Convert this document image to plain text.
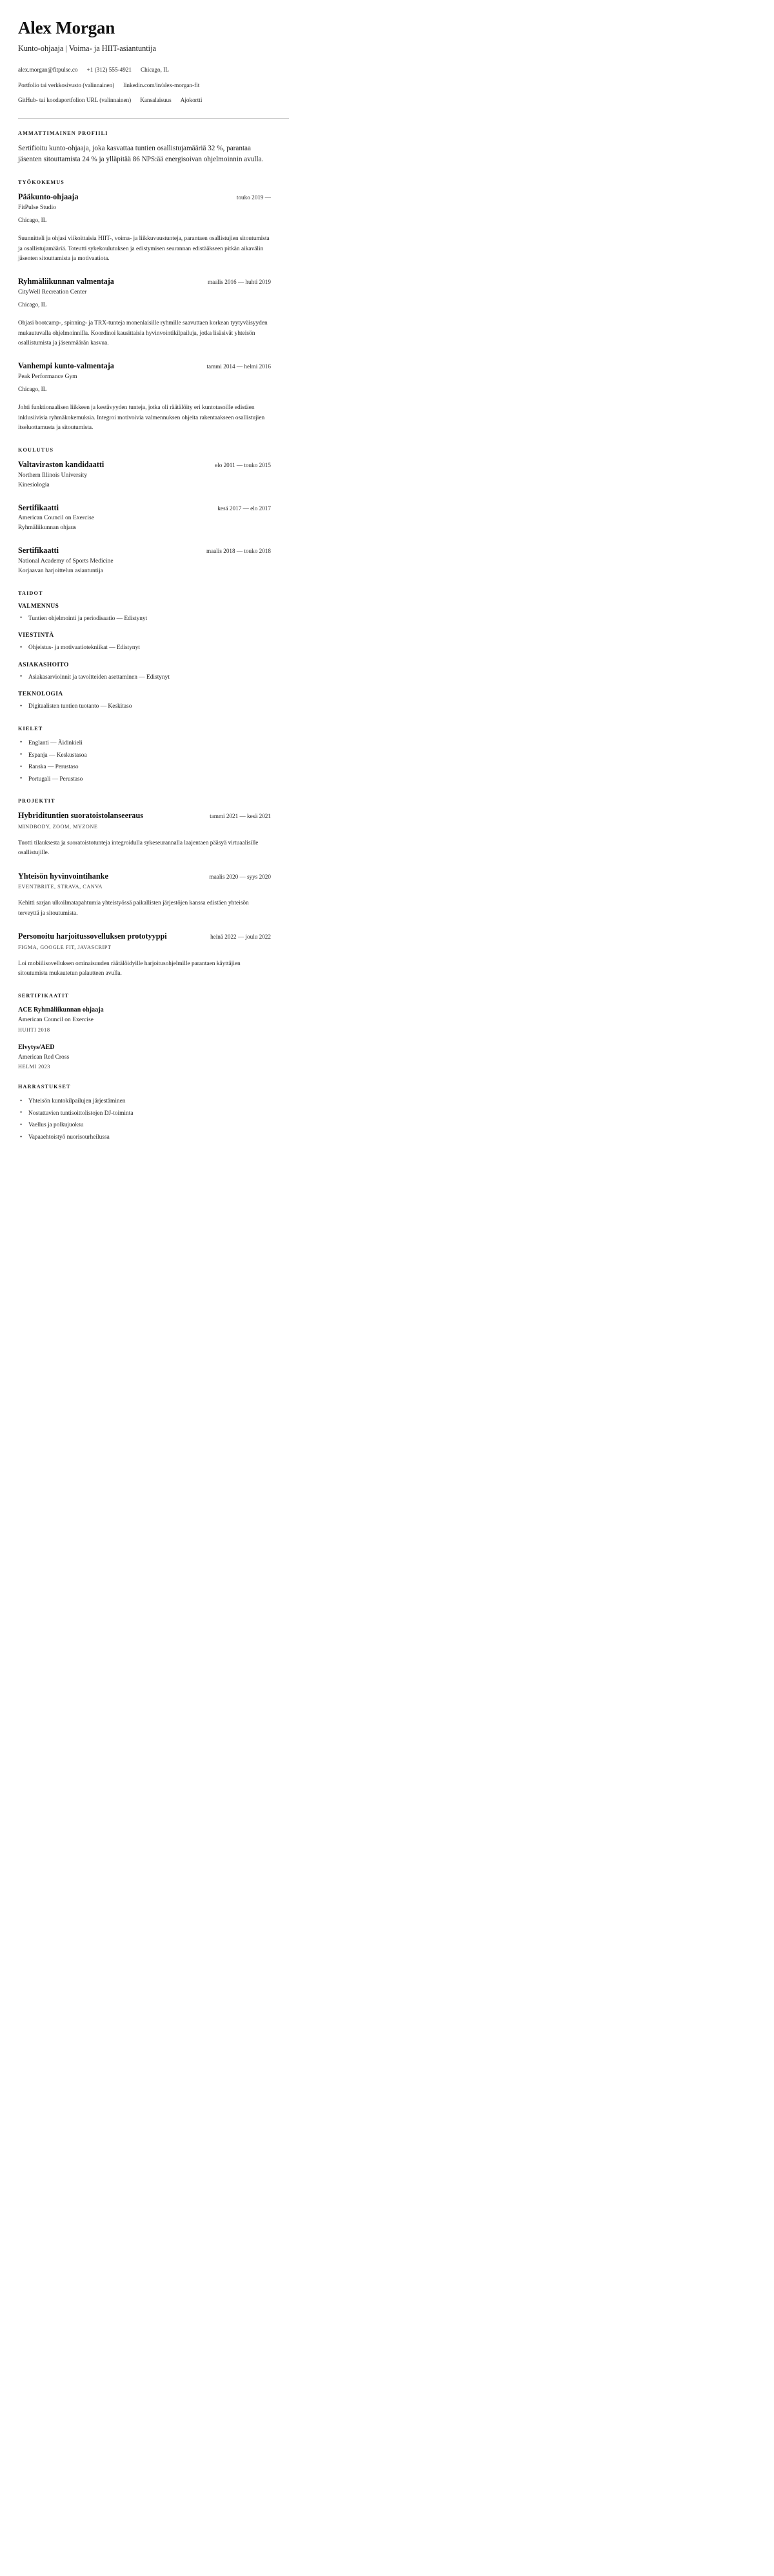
Alex Morgan
Kunto-ohjaaja | Voima- ja HIIT-asiantuntija
alex.morgan@fitpulse.co +1 (312) 555-4921 Chicago, IL
Portfolio tai verkkosivusto (valinnainen) linkedin.com/in/alex-morgan-fit
GitHub- tai koodaportfolion URL (valinnainen) Kansalaisuus Ajokortti
AMMATTIMAINEN PROFIILI

Sertifioitu kunto-ohjaaja, joka kasvattaa tuntien osallistujamääriä 32 %, parantaa jäsenten sitouttamista 24 % ja ylläpitää 86 NPS:ää energisoivan ohjelmoinnin avulla.

TYÖKOKEMUS
Pääkunto-ohjaaja	touko 2019 —
FitPulse Studio
Chicago, IL

Suunnitteli ja ohjasi viikoittaisia HIIT-, voima- ja liikkuvuustunteja, parantaen osallistujien sitoutumista ja osallistujamääriä. Toteutti sykekoulutuksen ja edistymisen seurannan edistääkseen pitkän aikavälin jäsenten sitouttamista ja motivaatiota.

Ryhmäliikunnan valmentaja	maalis 2016 — huhti 2019
CityWell Recreation Center
Chicago, IL

Ohjasi bootcamp-, spinning- ja TRX-tunteja monenlaisille ryhmille saavuttaen korkean tyytyväisyyden mukautuvalla ohjelmoinnilla. Koordinoi kausittaisia hyvinvointikilpailuja, jotka lisäsivät yhteisön osallistumista ja jäsenmäärän kasvua.

Vanhempi kunto-valmentaja	tammi 2014 — helmi 2016
Peak Performance Gym
Chicago, IL

Johti funktionaalisen liikkeen ja kestävyyden tunteja, jotka oli räätälöity eri kuntotasoille edistäen inklusiivisia ryhmäkokemuksia. Integroi motivoivia valmennuksen ohjeita rakentaakseen osallistujien itseluottamusta ja sitoutumista.

KOULUTUS
Valtaviraston kandidaatti	elo 2011 — touko 2015
Northern Illinois University
Kinesiologia
Sertifikaatti	kesä 2017 — elo 2017
American Council on Exercise
Ryhmäliikunnan ohjaus
Sertifikaatti	maalis 2018 — touko 2018
National Academy of Sports Medicine
Korjaavan harjoittelun asiantuntija
TAIDOT
VALMENNUS
• Tuntien ohjelmointi ja periodisaatio — Edistynyt
VIESTINTÄ
• Ohjeistus- ja motivaatiotekniikat — Edistynyt
ASIAKASHOITO
• Asiakasarvioinnit ja tavoitteiden asettaminen — Edistynyt
TEKNOLOGIA
• Digitaalisten tuntien tuotanto — Keskitaso
KIELET
• Englanti — Äidinkieli
• Espanja — Keskustasoa
• Ranska — Perustaso
• Portugali — Perustaso
PROJEKTIT
Hybridituntien suoratoistolanseeraus	tammi 2021 — kesä 2021
MINDBODY, ZOOM, MYZONE

Tuotti tilauksesta ja suoratoistotunteja integroidulla sykeseurannalla laajentaen pääsyä virtuaalisille osallistujille.

Yhteisön hyvinvointihanke	maalis 2020 — syys 2020
EVENTBRITE, STRAVA, CANVA

Kehitti sarjan ulkoilmatapahtumia yhteistyössä paikallisten järjestöjen kanssa edistäen yhteisön terveyttä ja sitoutumista.

Personoitu harjoitussovelluksen prototyyppi	heinä 2022 — joulu 2022
FIGMA, GOOGLE FIT, JAVASCRIPT

Loi mobiilisovelluksen ominaisuuden räätälöidyille harjoitusohjelmille parantaen käyttäjien sitoutumista mukautetun palautteen avulla.

SERTIFIKAATIT
ACE Ryhmäliikunnan ohjaaja
American Council on Exercise
HUHTI 2018
Elvytys/AED
American Red Cross
HELMI 2023
HARRASTUKSET
• Yhteisön kuntokilpailujen järjestäminen
• Nostattavien tuntisoittolistojen DJ-toiminta
• Vaellus ja polkujuoksu
• Vapaaehtoistyö nuorisourheilussa
